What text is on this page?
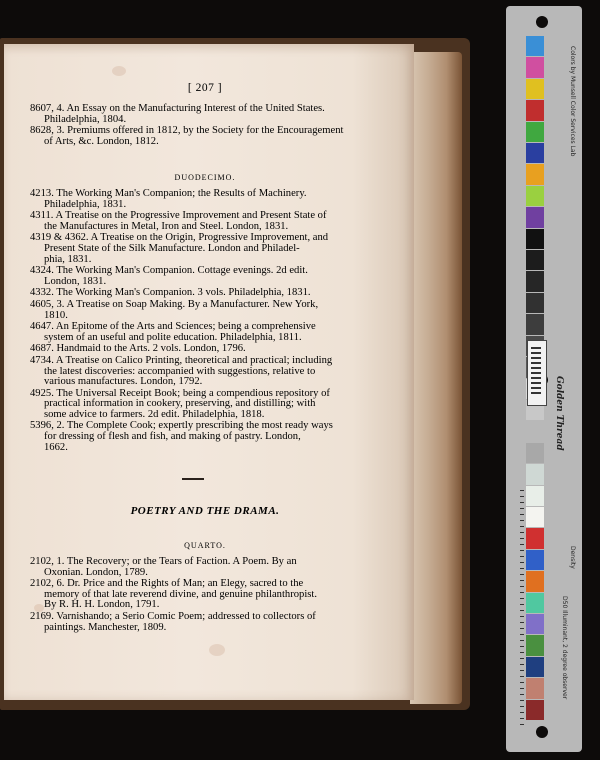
[ 207 ]
8607, 4. An Essay on the Manufacturing Interest of the United States.
Philadelphia, 1804.
8628, 3. Premiums offered in 1812, by the Society for the Encouragement
of Arts, &c. London, 1812.
DUODECIMO.
4213. The Working Man's Companion; the Results of Machinery.
Philadelphia, 1831.
4311. A Treatise on the Progressive Improvement and Present State of
the Manufactures in Metal, Iron and Steel. London, 1831.
4319 & 4362. A Treatise on the Origin, Progressive Improvement, and
Present State of the Silk Manufacture. London and Philadel-
phia, 1831.
4324. The Working Man's Companion. Cottage evenings. 2d edit.
London, 1831.
4332. The Working Man's Companion. 3 vols. Philadelphia, 1831.
4605, 3. A Treatise on Soap Making. By a Manufacturer. New York,
1810.
4647. An Epitome of the Arts and Sciences; being a comprehensive
system of an useful and polite education. Philadelphia, 1811.
4687. Handmaid to the Arts. 2 vols. London, 1796.
4734. A Treatise on Calico Printing, theoretical and practical; including
the latest discoveries: accompanied with suggestions, relative to
various manufactures. London, 1792.
4925. The Universal Receipt Book; being a compendious repository of
practical information in cookery, preserving, and distilling; with
some advice to farmers. 2d edit. Philadelphia, 1818.
5396, 2. The Complete Cook; expertly prescribing the most ready ways
for dressing of flesh and fish, and making of pastry. London,
1662.
POETRY AND THE DRAMA.
QUARTO.
2102, 1. The Recovery; or the Tears of Faction. A Poem. By an
Oxonian. London, 1789.
2102, 6. Dr. Price and the Rights of Man; an Elegy, sacred to the
memory of that late reverend divine, and genuine philanthropist.
By R. H. H. London, 1791.
2169. Varnishando; a Serio Comic Poem; addressed to collectors of
paintings. Manchester, 1809.
Colors by Munsell Color Services Lab
Density
D50 Illuminant, 2 degree observer
Golden Thread
